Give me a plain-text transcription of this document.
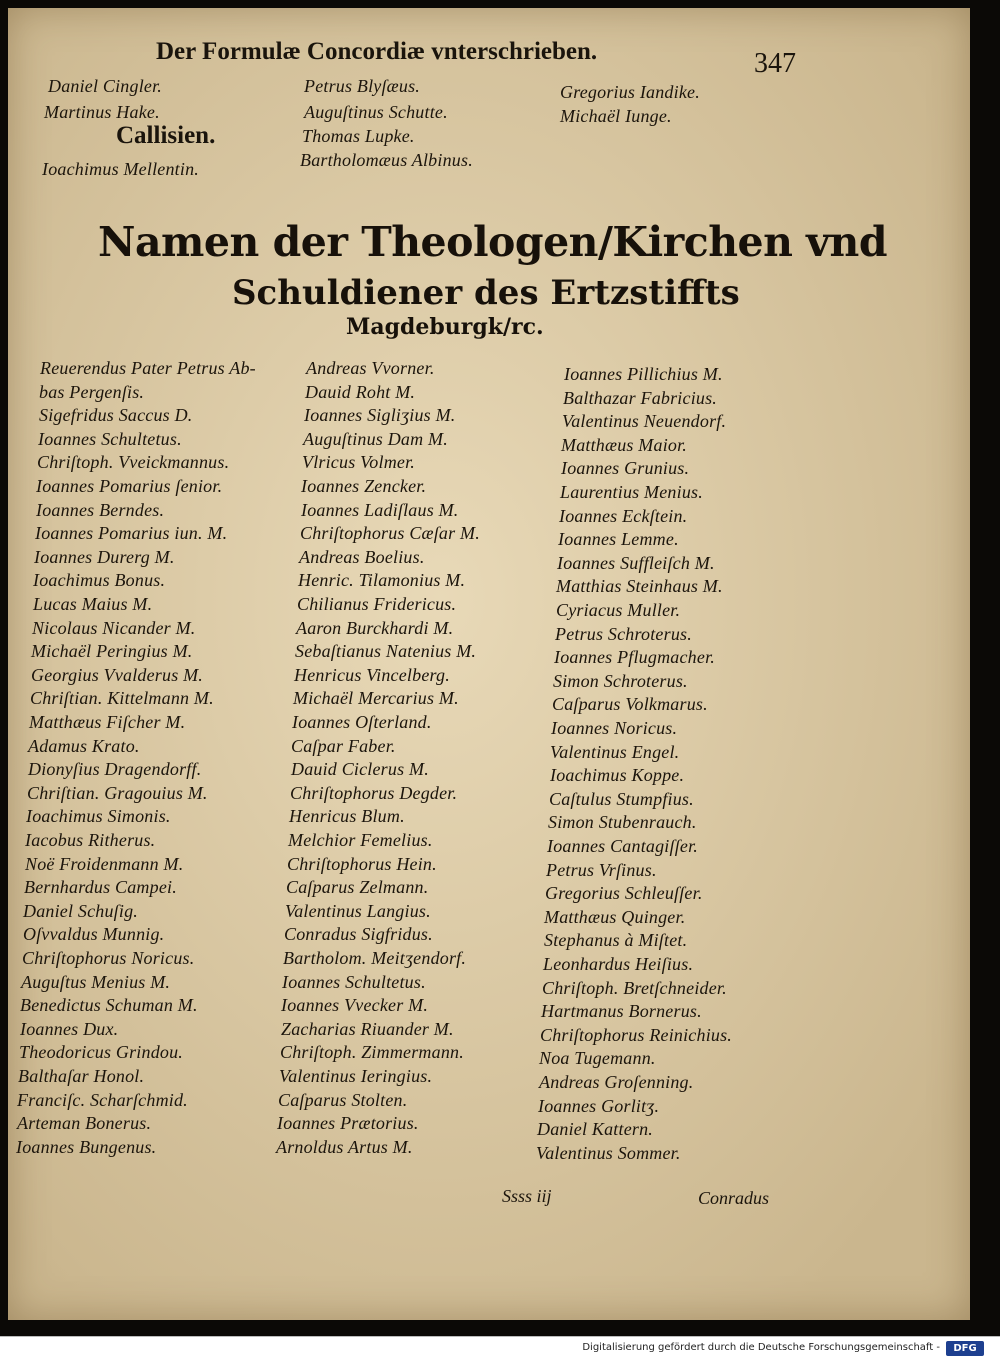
Der Formulæ Concordiæ vnterschrieben.	347
Daniel Cingler.
Martinus Hake.
Callisien.
Ioachimus Mellentin.
Petrus Blyſæus.
Auguſtinus Schutte.
Thomas Lupke.
Bartholomæus Albinus.
Gregorius Iandike.
Michaël Iunge.
Namen der Theologen/Kirchen vnd
Schuldiener des Ertzstiffts
Magdeburgk/rc.
Reuerendus Pater Petrus Ab-
bas Pergenſis.
Sigefridus Saccus D.
Ioannes Schultetus.
Chriſtoph. Vveickmannus.
Ioannes Pomarius ſenior.
Ioannes Berndes.
Ioannes Pomarius iun. M.
Ioannes Durerg M.
Ioachimus Bonus.
Lucas Maius M.
Nicolaus Nicander M.
Michaël Peringius M.
Georgius Vvalderus M.
Chriſtian. Kittelmann M.
Matthæus Fiſcher M.
Adamus Krato.
Dionyſius Dragendorff.
Chriſtian. Gragouius M.
Ioachimus Simonis.
Iacobus Ritherus.
Noë Froidenmann M.
Bernhardus Campei.
Daniel Schuſig.
Oſvvaldus Munnig.
Chriſtophorus Noricus.
Auguſtus Menius M.
Benedictus Schuman M.
Ioannes Dux.
Theodoricus Grindou.
Balthaſar Honol.
Franciſc. Scharſchmid.
Arteman Bonerus.
Ioannes Bungenus.
Andreas Vvorner.
Dauid Roht M.
Ioannes Sigliʒius M.
Auguſtinus Dam M.
Vlricus Volmer.
Ioannes Zencker.
Ioannes Ladiſlaus M.
Chriſtophorus Cæſar M.
Andreas Boelius.
Henric. Tilamonius M.
Chilianus Fridericus.
Aaron Burckhardi M.
Sebaſtianus Natenius M.
Henricus Vincelberg.
Michaël Mercarius M.
Ioannes Oſterland.
Caſpar Faber.
Dauid Ciclerus M.
Chriſtophorus Degder.
Henricus Blum.
Melchior Femelius.
Chriſtophorus Hein.
Caſparus Zelmann.
Valentinus Langius.
Conradus Sigfridus.
Bartholom. Meitʒendorf.
Ioannes Schultetus.
Ioannes Vvecker M.
Zacharias Riuander M.
Chriſtoph. Zimmermann.
Valentinus Ieringius.
Caſparus Stolten.
Ioannes Prætorius.
Arnoldus Artus M.
Ioannes Pillichius M.
Balthazar Fabricius.
Valentinus Neuendorf.
Matthæus Maior.
Ioannes Grunius.
Laurentius Menius.
Ioannes Eckſtein.
Ioannes Lemme.
Ioannes Suffleiſch M.
Matthias Steinhaus M.
Cyriacus Muller.
Petrus Schroterus.
Ioannes Pflugmacher.
Simon Schroterus.
Caſparus Volkmarus.
Ioannes Noricus.
Valentinus Engel.
Ioachimus Koppe.
Caſtulus Stumpfius.
Simon Stubenrauch.
Ioannes Cantagiſſer.
Petrus Vrſinus.
Gregorius Schleuſſer.
Matthæus Quinger.
Stephanus à Miſtet.
Leonhardus Heiſius.
Chriſtoph. Bretſchneider.
Hartmanus Bornerus.
Chriſtophorus Reinichius.
Noa Tugemann.
Andreas Groſenning.
Ioannes Gorlitʒ.
Daniel Kattern.
Valentinus Sommer.
Ssss iij	Conradus
Digitalisierung gefördert durch die Deutsche Forschungsgemeinschaft -	DFG
